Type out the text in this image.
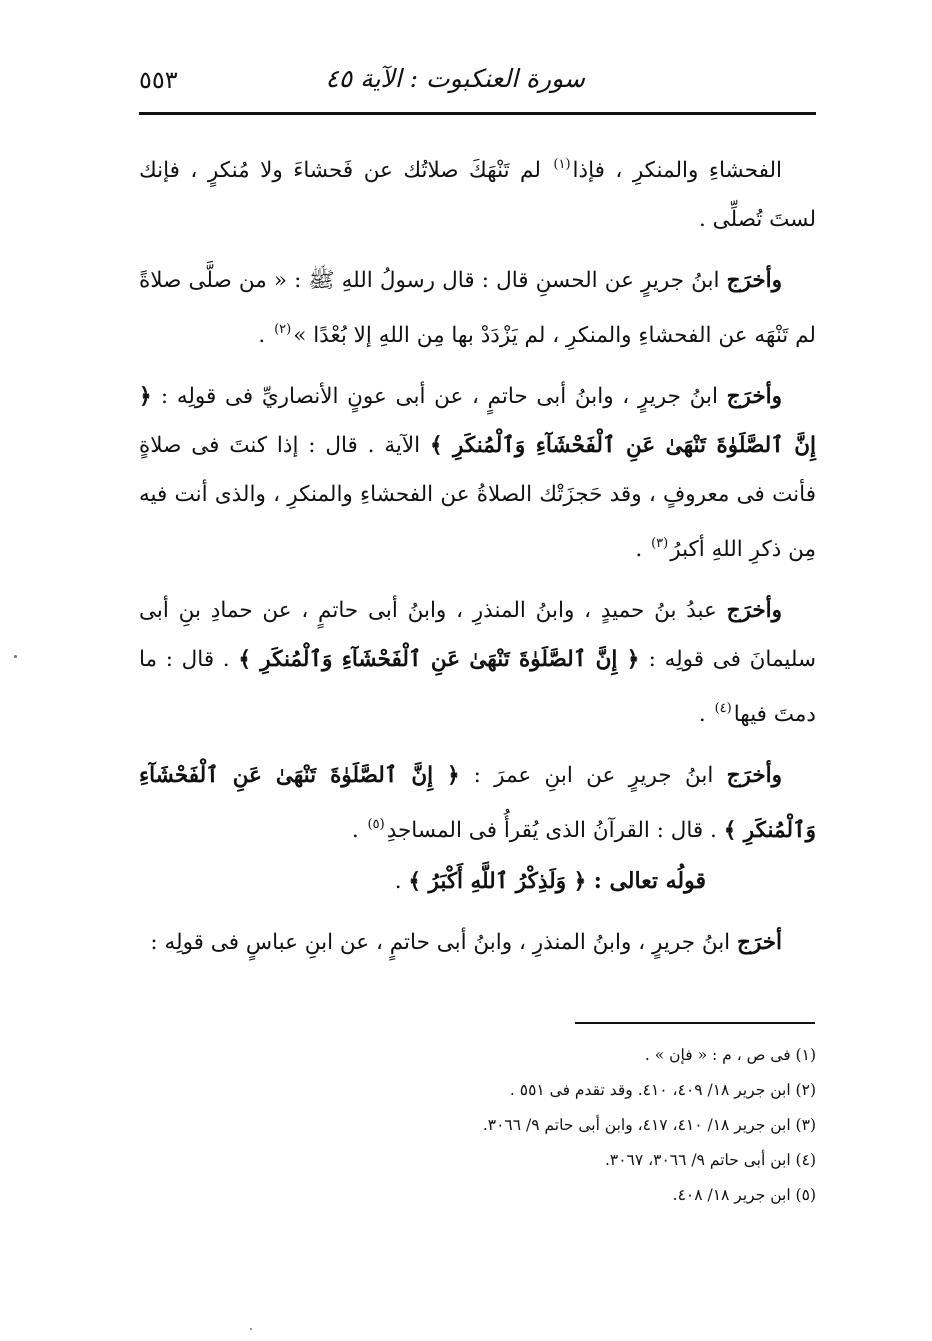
سورة العنكبوت : الآية ٤٥
٥٥٣

الفحشاءِ والمنكرِ ، فإذا$^{(١)}$ لم تَنْهَكَ صلاتُك عن فَحشاءَ ولا مُنكرٍ ، فإنك لستَ تُصلِّى .

وأخرَج ابنُ جريرٍ عن الحسنِ قال : قال رسولُ اللهِ ﷺ : « من صلَّى صلاةً لم تَنْهَه عن الفحشاءِ والمنكرِ ، لم يَزْدَدْ بها مِن اللهِ إلا بُعْدًا »$^{(٢)}$ .

وأخرَج ابنُ جريرٍ ، وابنُ أبى حاتمٍ ، عن أبى عونٍ الأنصاريِّ فى قولِه : ﴿ إِنَّ ٱلصَّلَوٰةَ تَنْهَىٰ عَنِ ٱلْفَحْشَآءِ وَٱلْمُنكَرِ ﴾ الآية . قال : إذا كنتَ فى صلاةٍ فأنت فى معروفٍ ، وقد حَجزَتْك الصلاةُ عن الفحشاءِ والمنكرِ ، والذى أنت فيه مِن ذكرِ اللهِ أكبرُ$^{(٣)}$ .

وأخرَج عبدُ بنُ حميدٍ ، وابنُ المنذرِ ، وابنُ أبى حاتمٍ ، عن حمادِ بنِ أبى سليمانَ فى قولِه : ﴿ إِنَّ ٱلصَّلَوٰةَ تَنْهَىٰ عَنِ ٱلْفَحْشَآءِ وَٱلْمُنكَرِ ﴾ . قال : ما دمتَ فيها$^{(٤)}$ .

وأخرَج ابنُ جريرٍ عن ابنِ عمرَ : ﴿ إِنَّ ٱلصَّلَوٰةَ تَنْهَىٰ عَنِ ٱلْفَحْشَآءِ وَٱلْمُنكَرِ ﴾ . قال : القرآنُ الذى يُقرأُ فى المساجدِ$^{(٥)}$ .

قولُه تعالى : ﴿ وَلَذِكْرُ ٱللَّهِ أَكْبَرُ ﴾ .

أخرَج ابنُ جريرٍ ، وابنُ المنذرِ ، وابنُ أبى حاتمٍ ، عن ابنِ عباسٍ فى قولِه :

(١) فى ص ، م : « فإن » .

(٢) ابن جرير ١٨/ ٤٠٩، ٤١٠. وقد تقدم فى ٥٥١ .

(٣) ابن جرير ١٨/ ٤١٠، ٤١٧، وابن أبى حاتم ٩/ ٣٠٦٦.

(٤) ابن أبى حاتم ٩/ ٣٠٦٦، ٣٠٦٧.

(٥) ابن جرير ١٨/ ٤٠٨.
